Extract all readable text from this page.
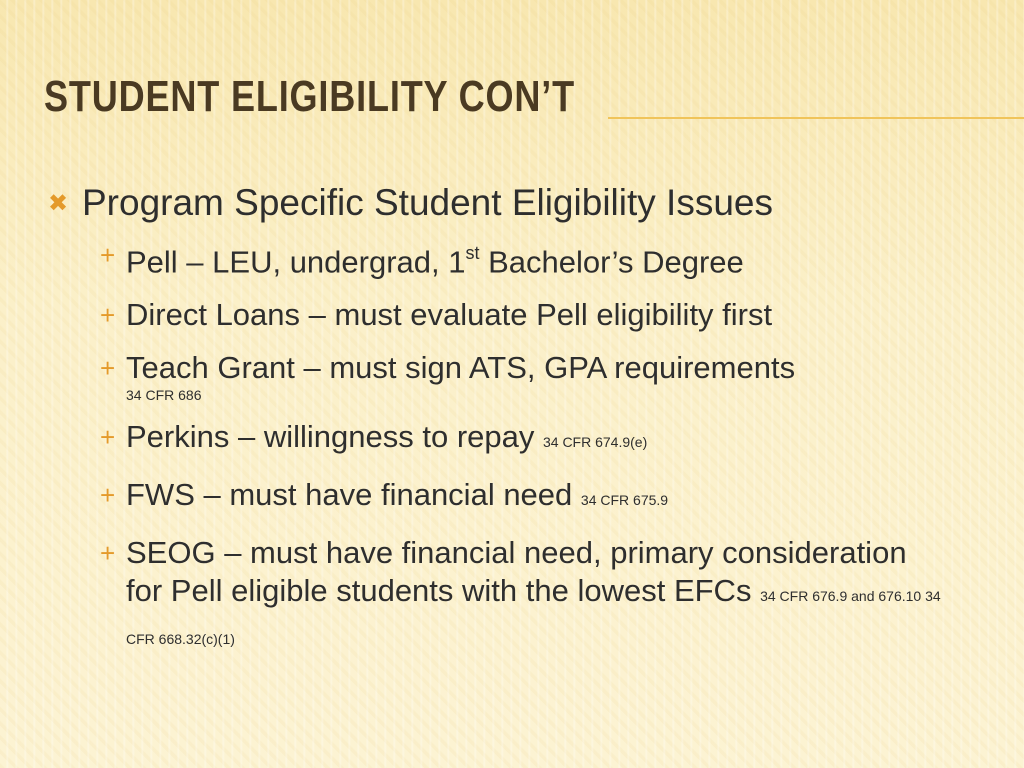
STUDENT ELIGIBILITY CON’T
✖ Program Specific Student Eligibility Issues
+ Pell – LEU, undergrad, 1st Bachelor’s Degree
+ Direct Loans – must evaluate Pell eligibility first
+ Teach Grant – must sign ATS, GPA requirements
34 CFR 686
+ Perkins – willingness to repay 34 CFR 674.9(e)
+ FWS – must have financial need 34 CFR 675.9
+ SEOG – must have financial need, primary consideration for Pell eligible students with the lowest EFCs 34 CFR 676.9 and 676.10 34 CFR 668.32(c)(1)
